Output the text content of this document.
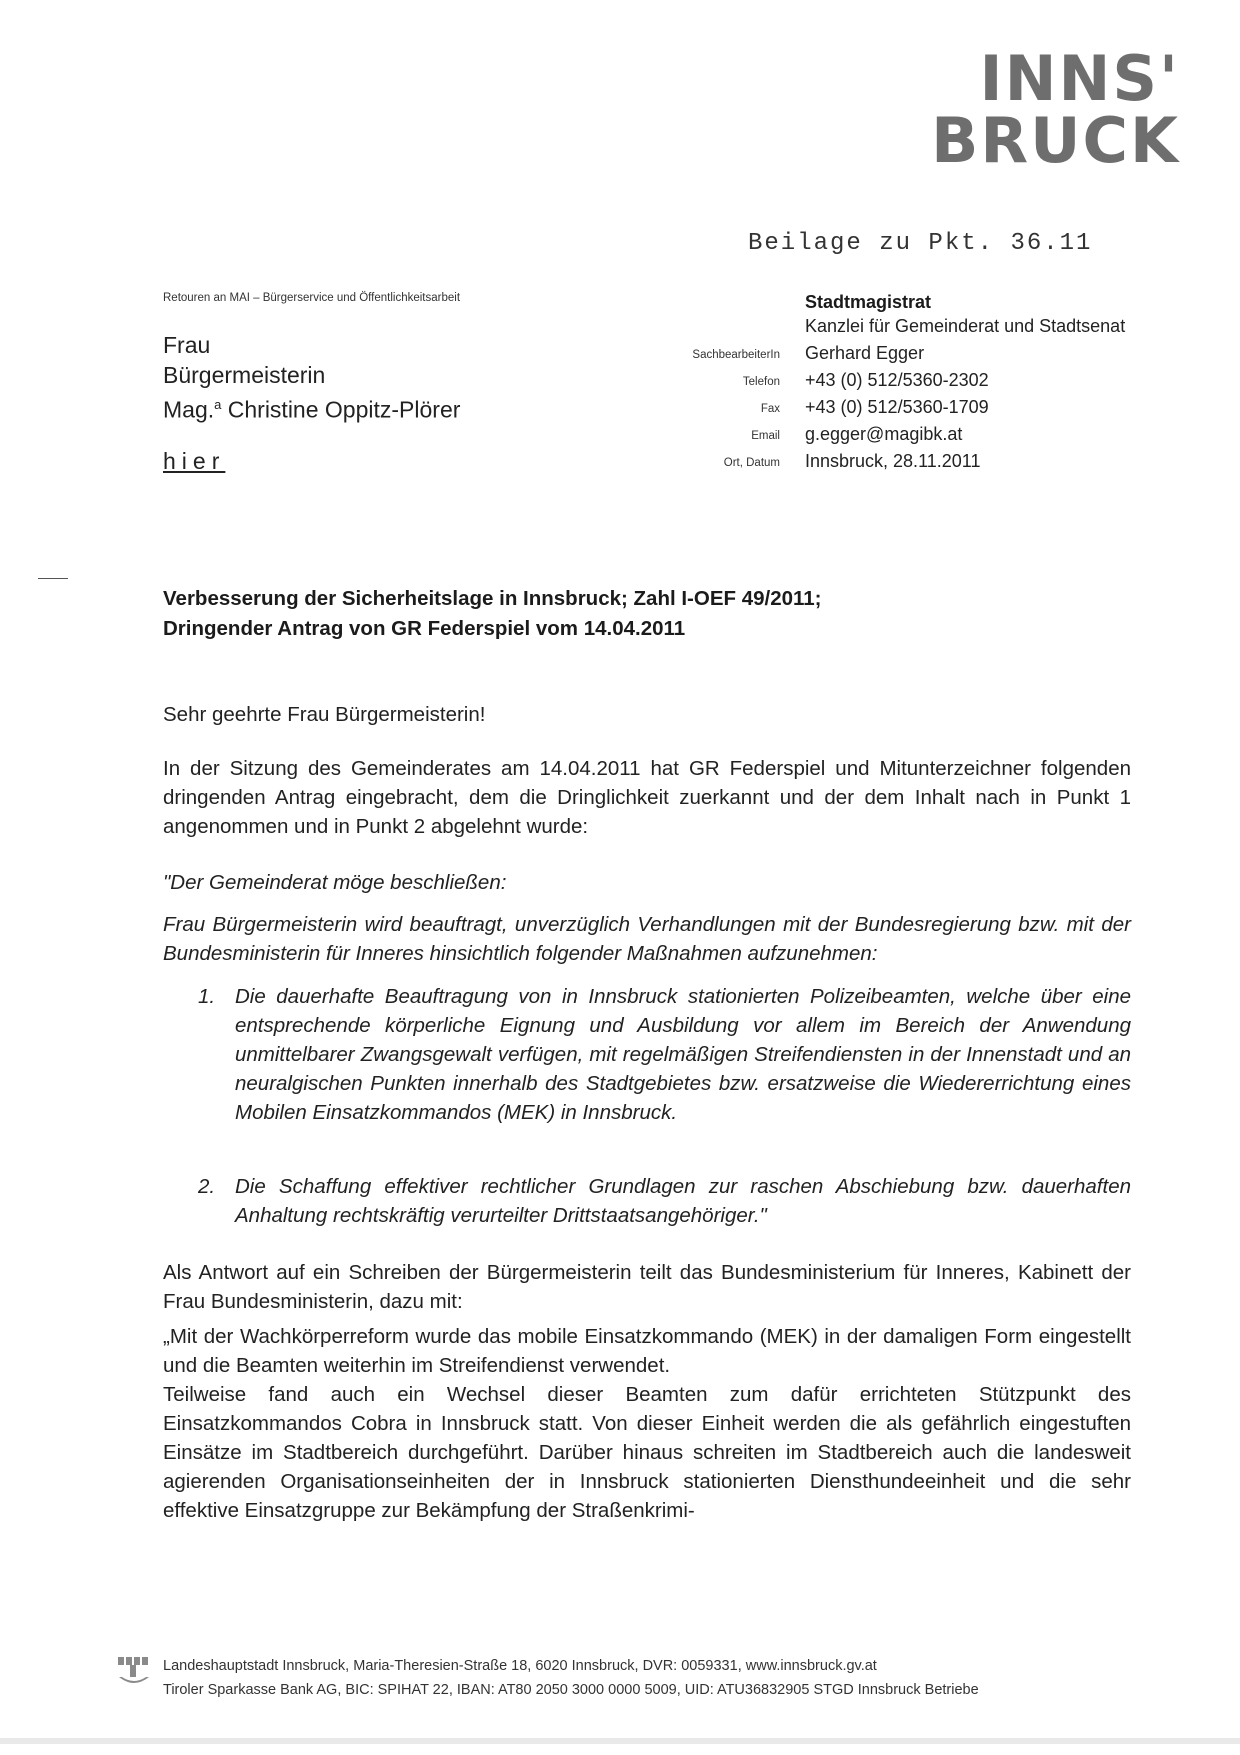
INNS'
BRUCK
Beilage zu Pkt. 36.11
Retouren an MAI – Bürgerservice und Öffentlichkeitsarbeit
Frau
Bürgermeisterin
Mag.$^a$ Christine Oppitz-Plörer
hier
Stadtmagistrat
Kanzlei für Gemeinderat und Stadtsenat
SachbearbeiterIn Gerhard Egger
Telefon +43 (0) 512/5360-2302
Fax +43 (0) 512/5360-1709
Email g.egger@magibk.at
Ort, Datum Innsbruck, 28.11.2011
Verbesserung der Sicherheitslage in Innsbruck; Zahl I-OEF 49/2011;
Dringender Antrag von GR Federspiel vom 14.04.2011
Sehr geehrte Frau Bürgermeisterin!
In der Sitzung des Gemeinderates am 14.04.2011 hat GR Federspiel und Mitunterzeichner folgenden dringenden Antrag eingebracht, dem die Dringlichkeit zuerkannt und der dem Inhalt nach in Punkt 1 angenommen und in Punkt 2 abgelehnt wurde:
"Der Gemeinderat möge beschließen:
Frau Bürgermeisterin wird beauftragt, unverzüglich Verhandlungen mit der Bundesregierung bzw. mit der Bundesministerin für Inneres hinsichtlich folgender Maßnahmen aufzunehmen:
1. Die dauerhafte Beauftragung von in Innsbruck stationierten Polizeibeamten, welche über eine entsprechende körperliche Eignung und Ausbildung vor allem im Bereich der Anwendung unmittelbarer Zwangsgewalt verfügen, mit regelmäßigen Streifendiensten in der Innenstadt und an neuralgischen Punkten innerhalb des Stadtgebietes bzw. ersatzweise die Wiedererrichtung eines Mobilen Einsatzkommandos (MEK) in Innsbruck.
2. Die Schaffung effektiver rechtlicher Grundlagen zur raschen Abschiebung bzw. dauerhaften Anhaltung rechtskräftig verurteilter Drittstaatsangehöriger."
Als Antwort auf ein Schreiben der Bürgermeisterin teilt das Bundesministerium für Inneres, Kabinett der Frau Bundesministerin, dazu mit:
„Mit der Wachkörperreform wurde das mobile Einsatzkommando (MEK) in der damaligen Form eingestellt und die Beamten weiterhin im Streifendienst verwendet.
Teilweise fand auch ein Wechsel dieser Beamten zum dafür errichteten Stützpunkt des Einsatzkommandos Cobra in Innsbruck statt. Von dieser Einheit werden die als gefährlich eingestuften Einsätze im Stadtbereich durchgeführt. Darüber hinaus schreiten im Stadtbereich auch die landesweit agierenden Organisationseinheiten der in Innsbruck stationierten Diensthundeeinheit und die sehr effektive Einsatzgruppe zur Bekämpfung der Straßenkrimi-
Landeshauptstadt Innsbruck, Maria-Theresien-Straße 18, 6020 Innsbruck, DVR: 0059331, www.innsbruck.gv.at
Tiroler Sparkasse Bank AG, BIC: SPIHAT 22, IBAN: AT80 2050 3000 0000 5009, UID: ATU36832905 STGD Innsbruck Betriebe
